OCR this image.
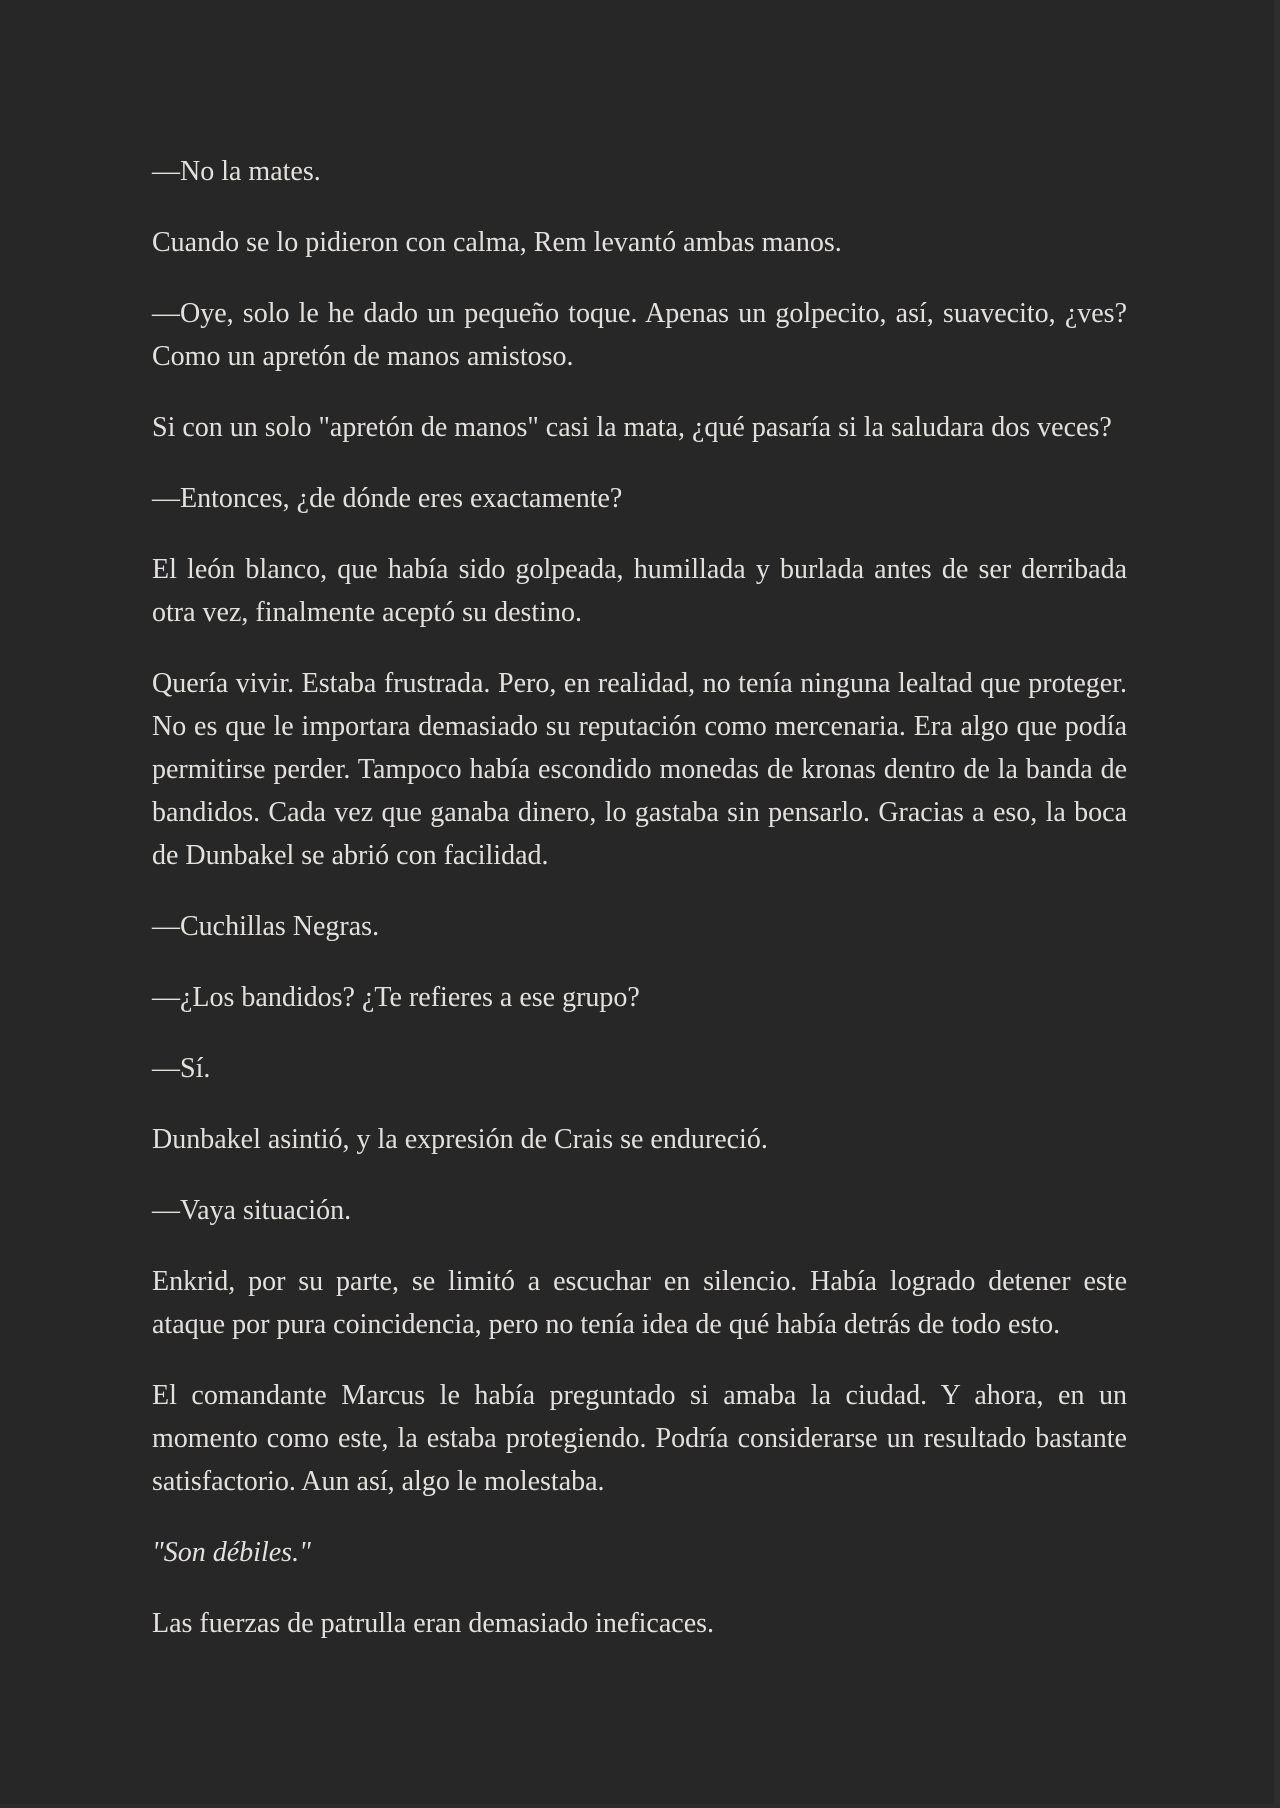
—No la mates.

Cuando se lo pidieron con calma, Rem levantó ambas manos.

—Oye, solo le he dado un pequeño toque. Apenas un golpecito, así, suavecito, ¿ves? Como un apretón de manos amistoso.

Si con un solo "apretón de manos" casi la mata, ¿qué pasaría si la saludara dos veces?

—Entonces, ¿de dónde eres exactamente?

El león blanco, que había sido golpeada, humillada y burlada antes de ser derribada otra vez, finalmente aceptó su destino.

Quería vivir. Estaba frustrada. Pero, en realidad, no tenía ninguna lealtad que proteger. No es que le importara demasiado su reputación como mercenaria. Era algo que podía permitirse perder. Tampoco había escondido monedas de kronas dentro de la banda de bandidos. Cada vez que ganaba dinero, lo gastaba sin pensarlo. Gracias a eso, la boca de Dunbakel se abrió con facilidad.

—Cuchillas Negras.

—¿Los bandidos? ¿Te refieres a ese grupo?

—Sí.

Dunbakel asintió, y la expresión de Crais se endureció.

—Vaya situación.

Enkrid, por su parte, se limitó a escuchar en silencio. Había logrado detener este ataque por pura coincidencia, pero no tenía idea de qué había detrás de todo esto.

El comandante Marcus le había preguntado si amaba la ciudad. Y ahora, en un momento como este, la estaba protegiendo. Podría considerarse un resultado bastante satisfactorio. Aun así, algo le molestaba.

"Son débiles."

Las fuerzas de patrulla eran demasiado ineficaces.
